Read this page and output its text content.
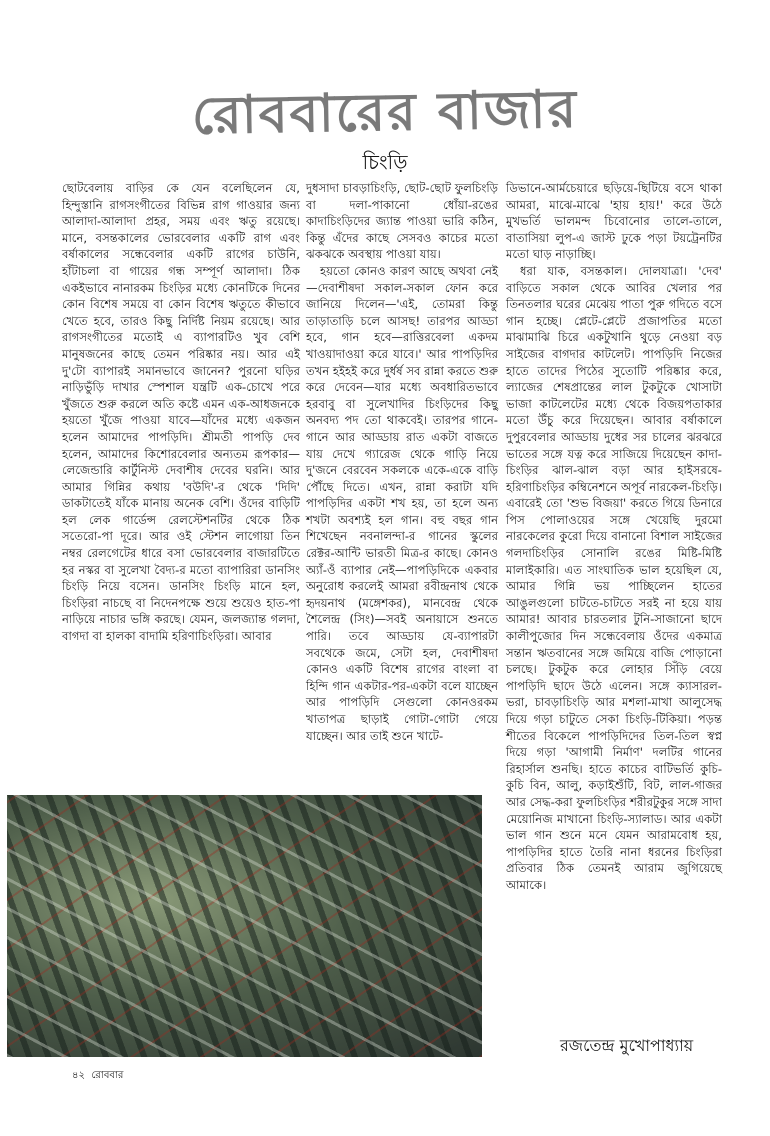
রোববারের বাজার
চিংড়ি

ছোটবেলায় বাড়ির কে যেন বলেছিলেন যে, হিন্দুস্তানি রাগসংগীতের বিভিন্ন রাগ গাওয়ার জন্য আলাদা-আলাদা প্রহর, সময় এবং ঋতু রয়েছে। মানে, বসন্তকালের ভোরবেলার একটি রাগ এবং বর্ষাকালের সন্ধেবেলার একটি রাগের চাউনি, হাঁটাচলা বা গায়ের গন্ধ সম্পূর্ণ আলাদা। ঠিক একইভাবে নানারকম চিংড়ির মধ্যে কোনটিকে দিনের কোন বিশেষ সময়ে বা কোন বিশেষ ঋতুতে কীভাবে খেতে হবে, তারও কিছু নির্দিষ্ট নিয়ম রয়েছে। আর রাগসংগীতের মতোই এ ব্যাপারটিও খুব বেশি মানুষজনের কাছে তেমন পরিষ্কার নয়। আর এই দু'টো ব্যাপারই সমানভাবে জানেন? পুরনো ঘড়ির নাড়িভুঁড়ি দাখার স্পেশাল যন্ত্রটি এক-চোখে পরে খুঁজতে শুরু করলে অতি কষ্টে এমন এক-আধজনকে হয়তো খুঁজে পাওয়া যাবে—যাঁদের মধ্যে একজন হলেন আমাদের পাপড়িদি। শ্রীমতী পাপড়ি দেব হলেন, আমাদের কিশোরবেলার অন্যতম রূপকার—লেজেন্ডারি কার্টুনিস্ট দেবাশীষ দেবের ঘরনি। আর আমার গিন্নির কথায় 'বউদি'-র থেকে 'দিদি' ডাকটাতেই যাঁকে মানায় অনেক বেশি। ওঁদের বাড়িটি হল লেক গার্ডেন্স রেলস্টেশনটির থেকে ঠিক সতেরো-পা দূরে। আর ওই স্টেশন লাগোয়া তিন নম্বর রেলগেটের ধারে বসা ভোরবেলার বাজারটিতে হর নস্কর বা সুলেখা বৈদ্য-র মতো ব্যাপারিরা ডানসিং চিংড়ি নিয়ে বসেন। ডানসিং চিংড়ি মানে হল, চিংড়িরা নাচছে বা নিদেনপক্ষে শুয়ে শুয়েও হাত-পা নাড়িয়ে নাচার ভঙ্গি করছে। যেমন, জলজ্যান্ত গলদা, বাগদা বা হালকা বাদামি হরিণাচিংড়িরা। আবার

দুধসাদা চাবড়াচিংড়ি, ছোট-ছোট ফুলচিংড়ি বা দলা-পাকানো ধোঁয়া-রঙের কাদাচিংড়িদের জ্যান্ত পাওয়া ভারি কঠিন, কিন্তু এঁদের কাছে সেসবও কাচের মতো ঝকঝকে অবস্থায় পাওয়া যায়।

হয়তো কোনও কারণ আছে অথবা নেই—দেবাশীষদা সকাল-সকাল ফোন করে জানিয়ে দিলেন—'এই, তোমরা কিন্তু তাড়াতাড়ি চলে আসছ! তারপর আড্ডা হবে, গান হবে—রাত্তিরবেলা একদম খাওয়াদাওয়া করে যাবে।' আর পাপড়িদির তখন হইহই করে দুর্ধর্ষ সব রান্না করতে শুরু করে দেবেন—যার মধ্যে অবধারিতভাবে হরবাবু বা সুলেখাদির চিংড়িদের কিছু অনবদ্য পদ তো থাকবেই। তারপর গানে-গানে আর আড্ডায় রাত একটা বাজতে যায় দেখে গ্যারেজ থেকে গাড়ি নিয়ে দু'জনে বেরবেন সকলকে একে-একে বাড়ি পৌঁছে দিতে। এখন, রান্না করাটা যদি পাপড়িদির একটা শখ হয়, তা হলে অন্য শখটা অবশ্যই হল গান। বহু বছর গান শিখেছেন নবনালন্দা-র গানের স্কুলের রেক্টর-আন্টি ভারতী মিত্র-র কাছে। কোনও অ্যাঁ-ওঁ ব্যাপার নেই—পাপড়িদিকে একবার অনুরোধ করলেই আমরা রবীন্দ্রনাথ থেকে হৃদয়নাথ (মঙ্গেশকর), মানবেন্দ্র থেকে শৈলেন্দ্র (সিং)—সবই অনায়াসে শুনতে পারি। তবে আড্ডায় যে-ব্যাপারটা সবথেকে জমে, সেটা হল, দেবাশীষদা কোনও একটি বিশেষ রাগের বাংলা বা হিন্দি গান একটার-পর-একটা বলে যাচ্ছেন আর পাপড়িদি সেগুলো কোনওরকম খাতাপত্র ছাড়াই গোটা-গোটা গেয়ে যাচ্ছেন। আর তাই শুনে খাটে-

ডিভানে-আর্মচেয়ারে ছড়িয়ে-ছিটিয়ে বসে থাকা আমরা, মাঝে-মাঝে 'হায় হায়!' করে উঠে মুখভর্তি ভালমন্দ চিবোনোর তালে-তালে, বাতাসিয়া লুপ-এ জাস্ট ঢুকে পড়া টয়ট্রেনটির মতো ঘাড় নাড়াচ্ছি।

ধরা যাক, বসন্তকাল। দোলযাত্রা। 'দেব' বাড়িতে সকাল থেকে আবির খেলার পর তিনতলার ঘরের মেঝেয় পাতা পুরু গদিতে বসে গান হচ্ছে। প্লেটে-প্লেটে প্রজাপতির মতো মাঝামাঝি চিরে একটুখানি থুড়ে নেওয়া বড় সাইজের বাগদার কাটলেট। পাপড়িদি নিজের হাতে তাদের পিঠের সুতোটি পরিষ্কার করে, ল্যাজের শেষপ্রান্তের লাল টুকটুকে খোসাটা ভাজা কাটলেটের মধ্যে থেকে বিজয়পতাকার মতো উঁচু করে দিয়েছেন। আবার বর্ষাকালে দুপুরবেলার আড্ডায় দুধের সর চালের ঝরঝরে ভাতের সঙ্গে যত্ন করে সাজিয়ে দিয়েছেন কাদা-চিংড়ির ঝাল-ঝাল বড়া আর হাইসরষে-হরিণাচিংড়ির কম্বিনেশনে অপূর্ব নারকেল-চিংড়ি। এবারেই তো 'শুভ বিজয়া' করতে গিয়ে ডিনারে পিস পোলাওয়ের সঙ্গে খেয়েছি দুরমো নারকেলের কুরো দিয়ে বানানো বিশাল সাইজের গলদাচিংড়ির সোনালি রঙের মিষ্টি-মিষ্টি মালাইকারি। এত সাংঘাতিক ভাল হয়েছিল যে, আমার গিন্নি ভয় পাচ্ছিলেন হাতের আঙুলগুলো চাটতে-চাটতে সরই না হয়ে যায় আমার! আবার চারতলার টুনি-সাজানো ছাদে কালীপুজোর দিন সন্ধেবেলায় ওঁদের একমাত্র সন্তান ঋতবানের সঙ্গে জমিয়ে বাজি পোড়ানো চলছে। টুকটুক করে লোহার সিঁড়ি বেয়ে পাপড়িদি ছাদে উঠে এলেন। সঙ্গে ক্যাসারল-ভরা, চাবড়াচিংড়ি আর মশলা-মাখা আলুসেদ্ধ দিয়ে গড়া চাটুতে সেকা চিংড়ি-টিকিয়া। পড়ন্ত শীতের বিকেলে পাপড়িদিদের তিল-তিল স্বপ্ন দিয়ে গড়া 'আগামী নির্মাণ' দলটির গানের রিহার্সাল শুনছি। হাতে কাচের বাটিভর্তি কুচি-কুচি বিন, আলু, কড়াইশুঁটি, বিট, লাল-গাজর আর সেদ্ধ-করা ফুলচিংড়ির শরীরটুকুর সঙ্গে সাদা মেয়োনিজ মাখানো চিংড়ি-স্যালাড। আর একটা ভাল গান শুনে মনে যেমন আরামবোধ হয়, পাপড়িদির হাতে তৈরি নানা ধরনের চিংড়িরা প্রতিবার ঠিক তেমনই আরাম জুগিয়েছে আমাকে।

রজতেন্দ্র মুখোপাধ্যায়
৪২ রোববার
